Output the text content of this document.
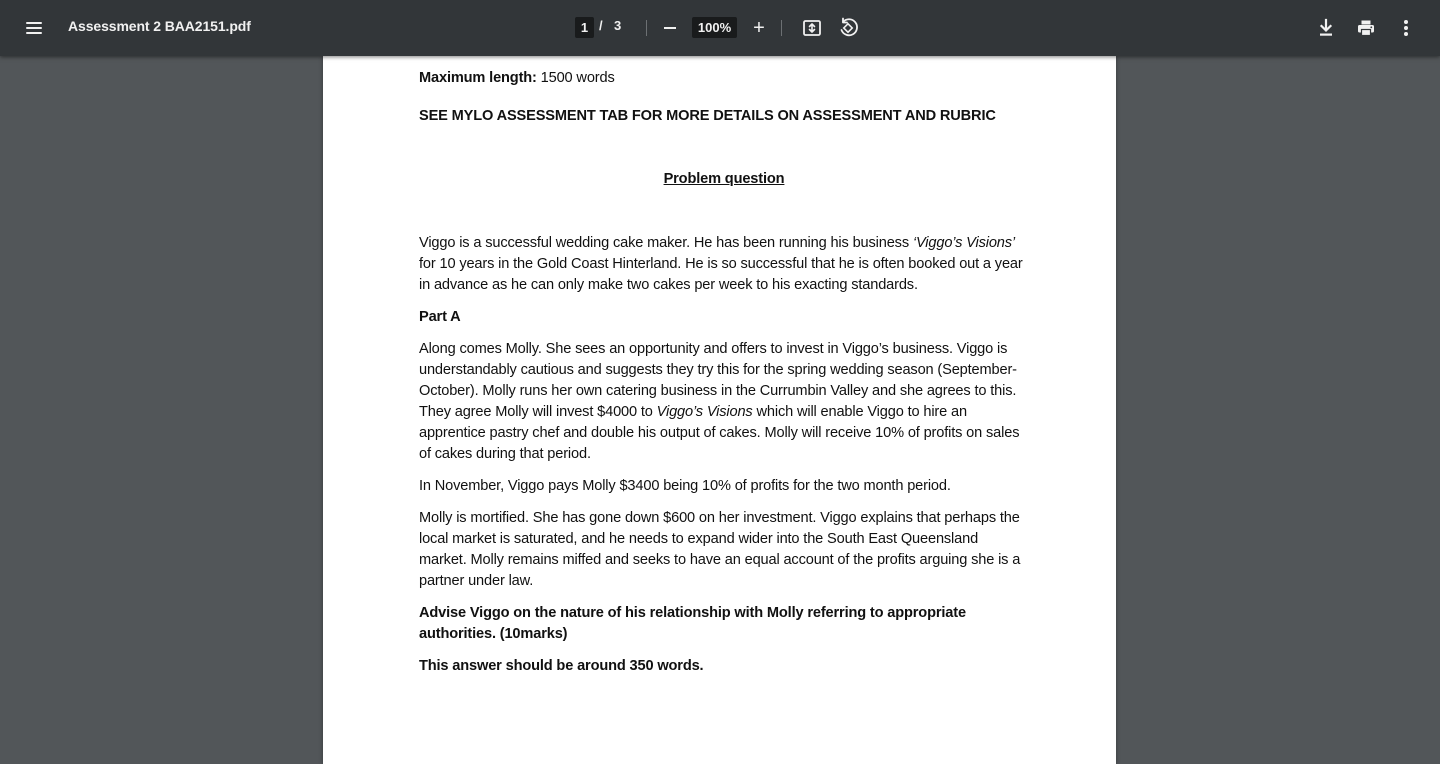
Assessment 2 BAA2151.pdf
1	/ 3
100%	+
Maximum length: 1500 words
SEE MYLO ASSESSMENT TAB FOR MORE DETAILS ON ASSESSMENT AND RUBRIC
Problem question
Viggo is a successful wedding cake maker. He has been running his business ‘Viggo’s Visions’ for 10 years in the Gold Coast Hinterland. He is so successful that he is often booked out a year in advance as he can only make two cakes per week to his exacting standards.
Part A
Along comes Molly. She sees an opportunity and offers to invest in Viggo’s business. Viggo is understandably cautious and suggests they try this for the spring wedding season (September- October). Molly runs her own catering business in the Currumbin Valley and she agrees to this. They agree Molly will invest $4000 to Viggo’s Visions which will enable Viggo to hire an apprentice pastry chef and double his output of cakes. Molly will receive 10% of profits on sales of cakes during that period.
In November, Viggo pays Molly $3400 being 10% of profits for the two month period.
Molly is mortified. She has gone down $600 on her investment. Viggo explains that perhaps the local market is saturated, and he needs to expand wider into the South East Queensland market. Molly remains miffed and seeks to have an equal account of the profits arguing she is a partner under law.
Advise Viggo on the nature of his relationship with Molly referring to appropriate authorities. (10marks)
This answer should be around 350 words.
